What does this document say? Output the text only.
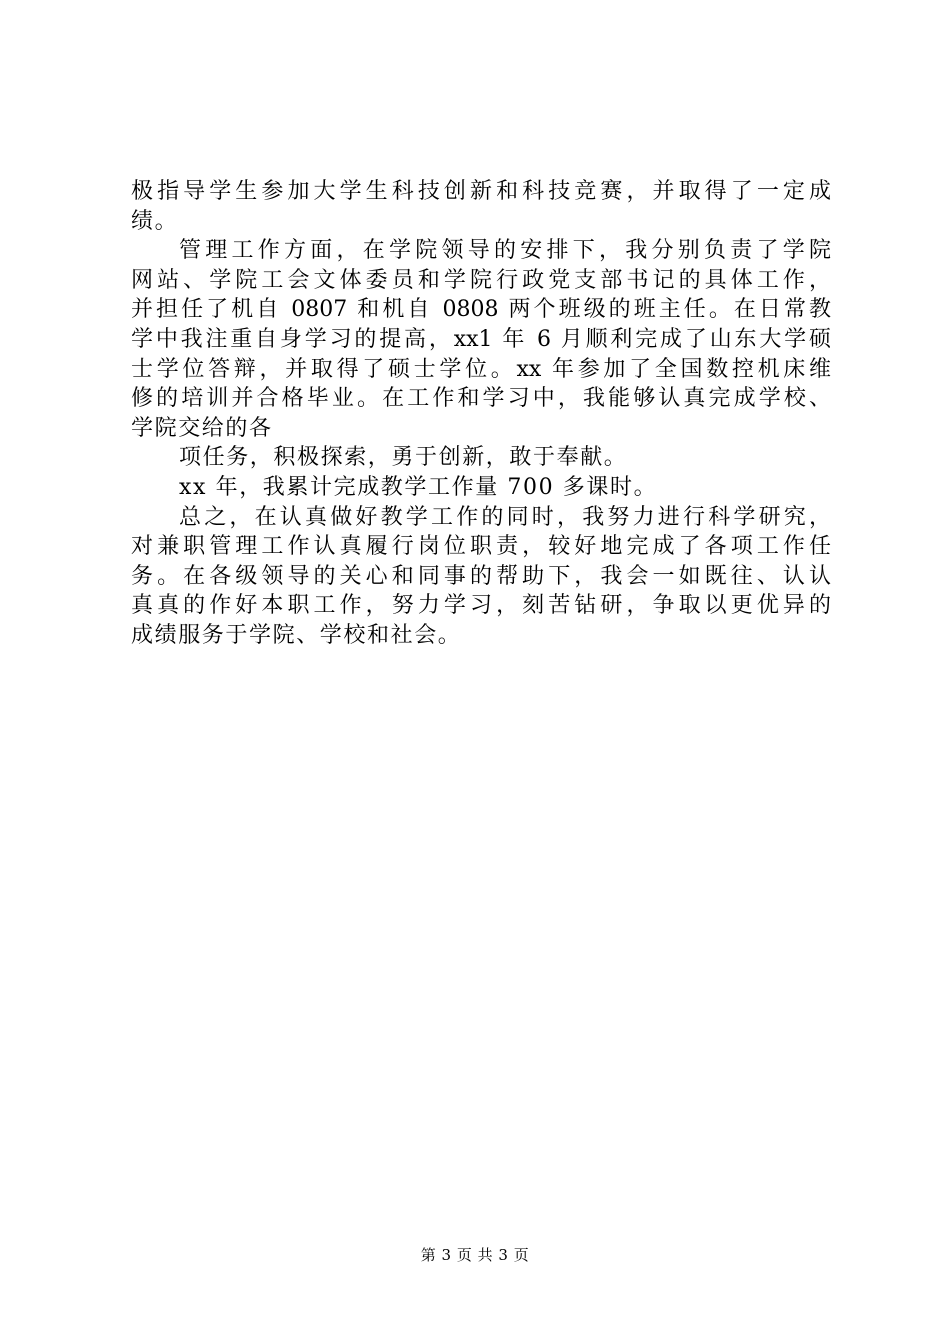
极指导学生参加大学生科技创新和科技竞赛，并取得了一定成
绩。
管理工作方面，在学院领导的安排下，我分别负责了学院
网站、学院工会文体委员和学院行政党支部书记的具体工作，
并担任了机自 0807 和机自 0808 两个班级的班主任。在日常教
学中我注重自身学习的提高，xx1 年 6 月顺利完成了山东大学硕
士学位答辩，并取得了硕士学位。xx 年参加了全国数控机床维
修的培训并合格毕业。在工作和学习中，我能够认真完成学校、
学院交给的各
项任务，积极探索，勇于创新，敢于奉献。
xx 年，我累计完成教学工作量 700 多课时。
总之，在认真做好教学工作的同时，我努力进行科学研究，
对兼职管理工作认真履行岗位职责，较好地完成了各项工作任
务。在各级领导的关心和同事的帮助下，我会一如既往、认认
真真的作好本职工作，努力学习，刻苦钻研，争取以更优异的
成绩服务于学院、学校和社会。
第 3 页 共 3 页
